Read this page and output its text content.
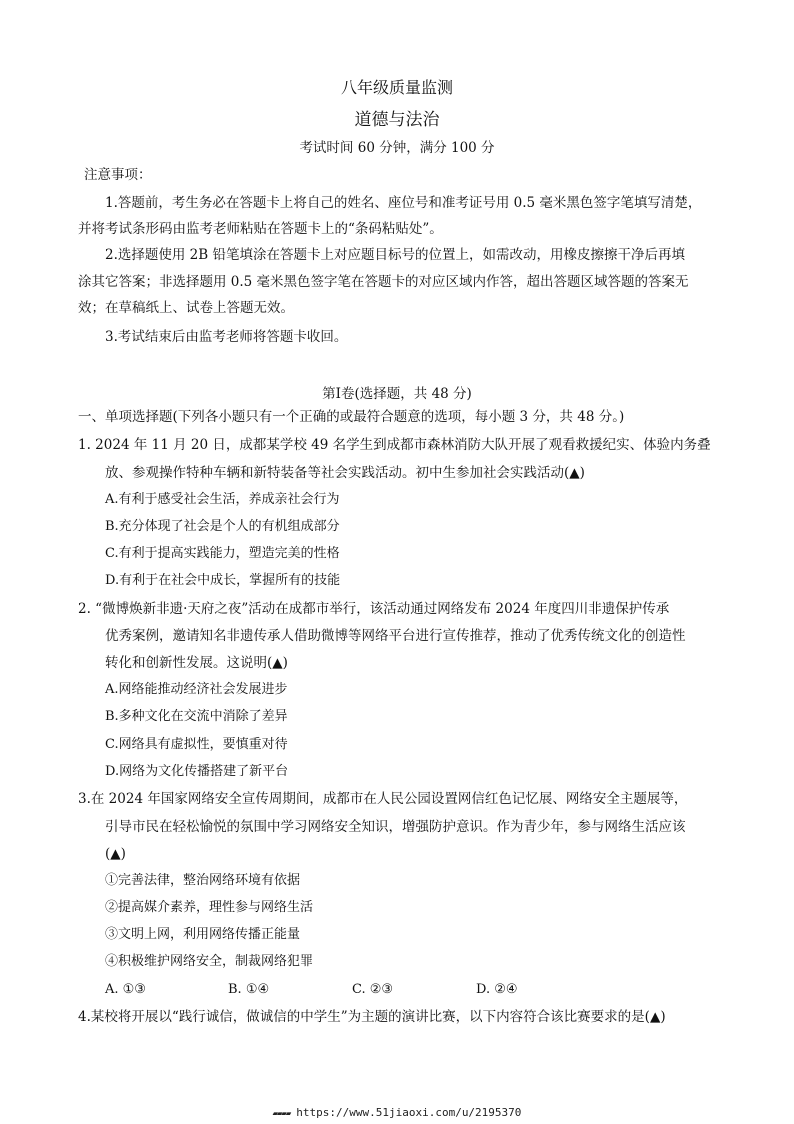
八年级质量监测
道德与法治
考试时间 60 分钟，满分 100 分
注意事项：
1.答题前，考生务必在答题卡上将自己的姓名、座位号和准考证号用 0.5 毫米黑色签字笔填写清楚，
并将考试条形码由监考老师粘贴在答题卡上的“条码粘贴处”。
2.选择题使用 2B 铅笔填涂在答题卡上对应题目标号的位置上，如需改动，用橡皮擦擦干净后再填
涂其它答案；非选择题用 0.5 毫米黑色签字笔在答题卡的对应区域内作答，超出答题区域答题的答案无
效；在草稿纸上、试卷上答题无效。
3.考试结束后由监考老师将答题卡收回。
第Ⅰ卷(选择题，共 48 分)
一、单项选择题(下列各小题只有一个正确的或最符合题意的选项，每小题 3 分，共 48 分。)
1. 2024 年 11 月 20 日，成都某学校 49 名学生到成都市森林消防大队开展了观看救援纪实、体验内务叠
放、参观操作特种车辆和新特装备等社会实践活动。初中生参加社会实践活动(▲)
A.有利于感受社会生活，养成亲社会行为
B.充分体现了社会是个人的有机组成部分
C.有利于提高实践能力，塑造完美的性格
D.有利于在社会中成长，掌握所有的技能
2. “微博焕新非遗·天府之夜”活动在成都市举行，该活动通过网络发布 2024 年度四川非遗保护传承
优秀案例，邀请知名非遗传承人借助微博等网络平台进行宣传推荐，推动了优秀传统文化的创造性
转化和创新性发展。这说明(▲)
A.网络能推动经济社会发展进步
B.多种文化在交流中消除了差异
C.网络具有虚拟性，要慎重对待
D.网络为文化传播搭建了新平台
3.在 2024 年国家网络安全宣传周期间，成都市在人民公园设置网信红色记忆展、网络安全主题展等，
引导市民在轻松愉悦的氛围中学习网络安全知识，增强防护意识。作为青少年，参与网络生活应该
(▲)
①完善法律，整治网络环境有依据
②提高媒介素养，理性参与网络生活
③文明上网，利用网络传播正能量
④积极维护网络安全，制裁网络犯罪
A. ①③	B. ①④	C. ②③	D. ②④
4.某校将开展以“践行诚信，做诚信的中学生”为主题的演讲比赛，以下内容符合该比赛要求的是(▲)
▰▰▰▰ https://www.51jiaoxi.com/u/2195370
